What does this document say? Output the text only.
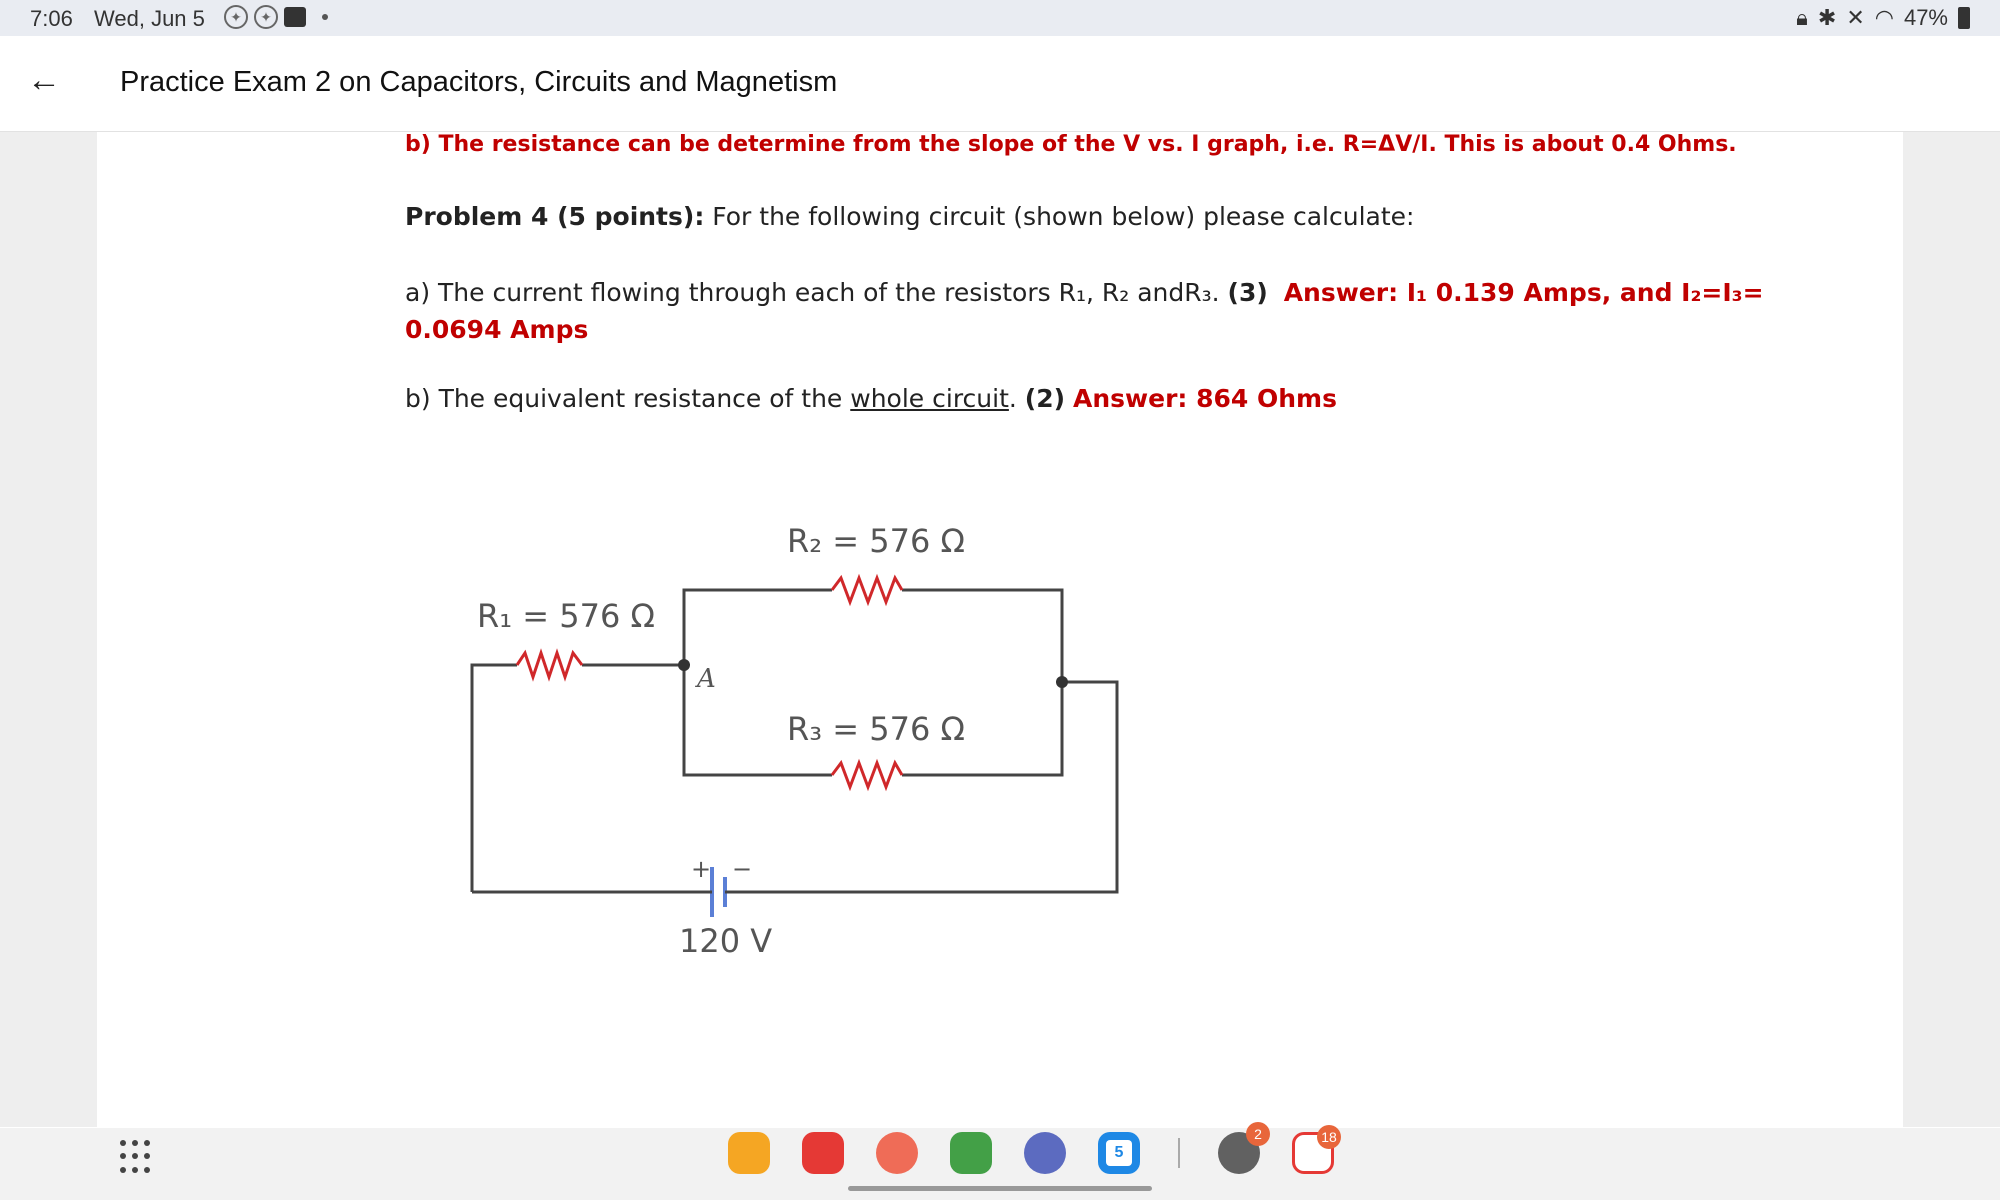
7:06 Wed, Jun 5	✦	✦	🔒︎ ✱ ✕ ◠ 47%
← Practice Exam 2 on Capacitors, Circuits and Magnetism
b) The resistance can be determine from the slope of the V vs. I graph, i.e. R=ΔV/I. This is about 0.4 Ohms.
Problem 4 (5 points): For the following circuit (shown below) please calculate:
a) The current flowing through each of the resistors R₁, R₂ andR₃. (3) Answer: I₁ 0.139 Amps, and I₂=I₃= 0.0694 Amps
b) The equivalent resistance of the whole circuit. (2) Answer: 864 Ohms
R₂ = 576 Ω
R₁ = 576 Ω
R₃ = 576 Ω
A
+ −
120 V
5
2	18
